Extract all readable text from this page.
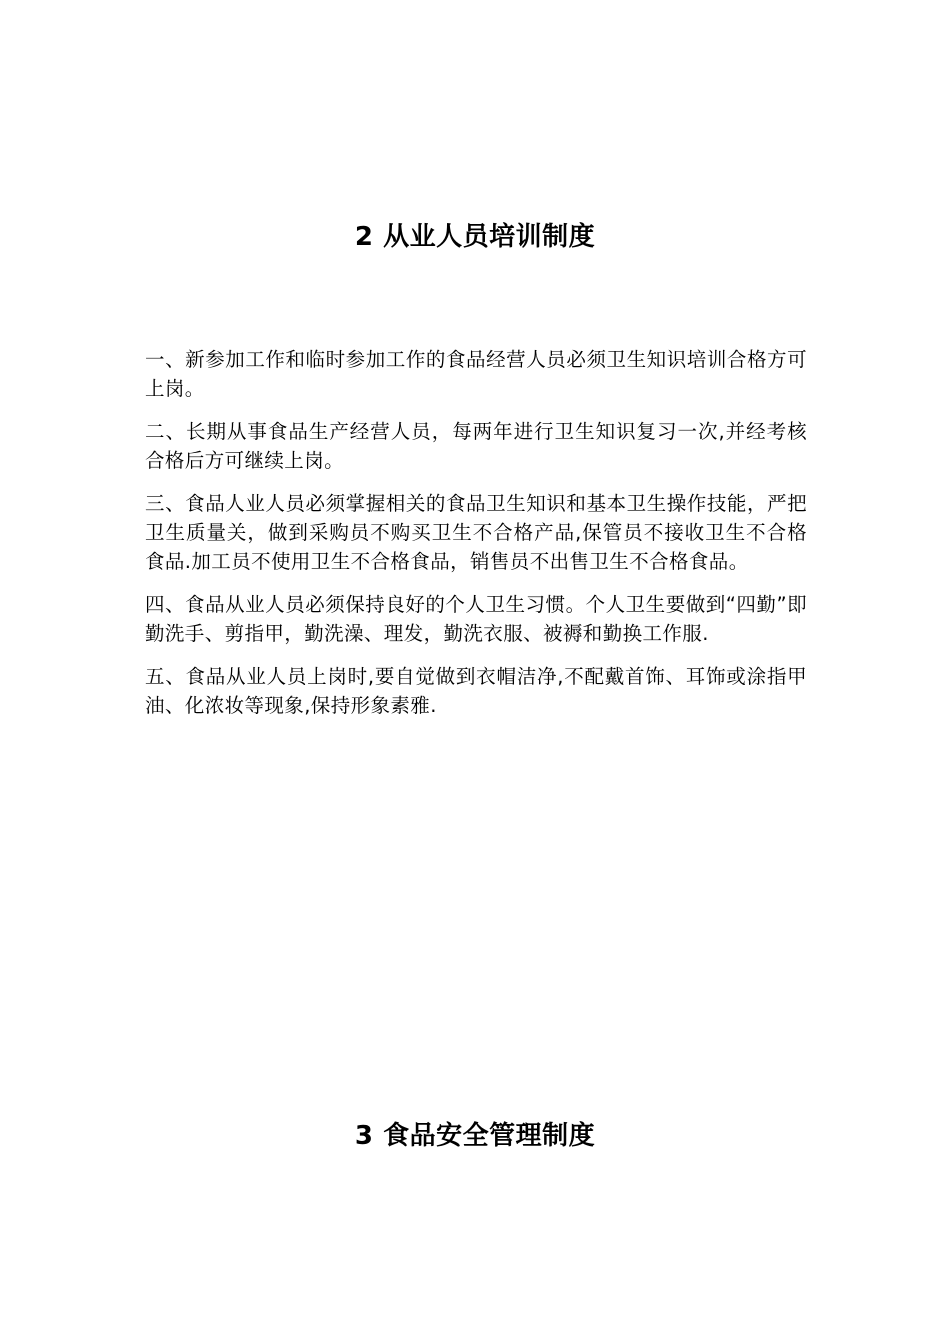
2 从业人员培训制度

一、新参加工作和临时参加工作的食品经营人员必须卫生知识培训合格方可上岗。

二、长期从事食品生产经营人员，每两年进行卫生知识复习一次,并经考核合格后方可继续上岗。

三、食品人业人员必须掌握相关的食品卫生知识和基本卫生操作技能，严把卫生质量关，做到采购员不购买卫生不合格产品,保管员不接收卫生不合格食品.加工员不使用卫生不合格食品，销售员不出售卫生不合格食品。

四、食品从业人员必须保持良好的个人卫生习惯。个人卫生要做到“四勤”即勤洗手、剪指甲，勤洗澡、理发，勤洗衣服、被褥和勤换工作服.

五、食品从业人员上岗时,要自觉做到衣帽洁净,不配戴首饰、耳饰或涂指甲油、化浓妆等现象,保持形象素雅.

3 食品安全管理制度
